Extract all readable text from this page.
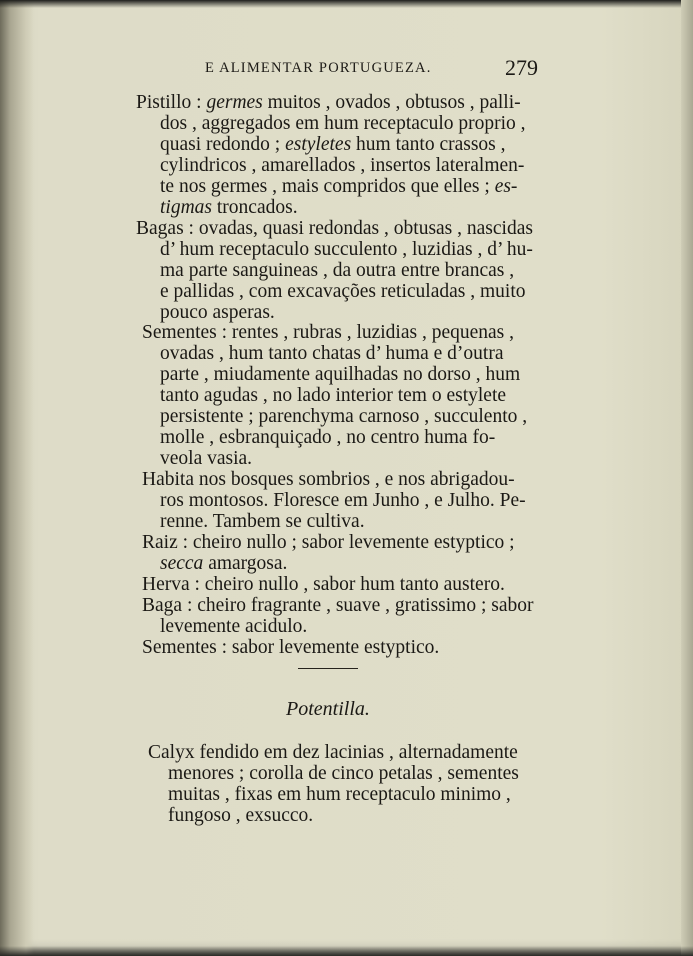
E ALIMENTAR PORTUGUEZA.	279
Pistillo : germes muitos , ovados , obtusos , palli-
dos , aggregados em hum receptaculo proprio ,
quasi redondo ; estyletes hum tanto crassos ,
cylindricos , amarellados , insertos lateralmen-
te nos germes , mais compridos que elles ; es-
tigmas troncados.
Bagas : ovadas, quasi redondas , obtusas , nascidas
d’ hum receptaculo succulento , luzidias , d’ hu-
ma parte sanguineas , da outra entre brancas ,
e pallidas , com excavações reticuladas , muito
pouco asperas.
Sementes : rentes , rubras , luzidias , pequenas ,
ovadas , hum tanto chatas d’ huma e d’outra
parte , miudamente aquilhadas no dorso , hum
tanto agudas , no lado interior tem o estylete
persistente ; parenchyma carnoso , succulento ,
molle , esbranquiçado , no centro huma fo-
veola vasia.
Habita nos bosques sombrios , e nos abrigadou-
ros montosos. Floresce em Junho , e Julho. Pe-
renne. Tambem se cultiva.
Raiz : cheiro nullo ; sabor levemente estyptico ;
secca amargosa.
Herva : cheiro nullo , sabor hum tanto austero.
Baga : cheiro fragrante , suave , gratissimo ; sabor
levemente acidulo.
Sementes : sabor levemente estyptico.
Potentilla.
Calyx fendido em dez lacinias , alternadamente
menores ; corolla de cinco petalas , sementes
muitas , fixas em hum receptaculo minimo ,
fungoso , exsucco.
